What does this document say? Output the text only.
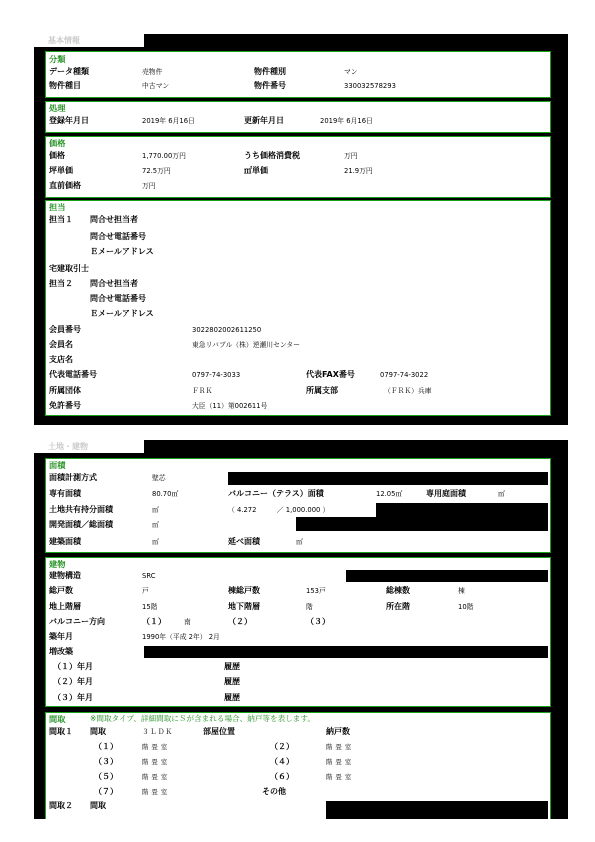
基本情報
分類
データ種類	売物件	物件種別	マン
物件種目	中古マン	物件番号	330032578293
処理
登録年月日	2019年 6月16日	更新年月日	2019年 6月16日
価格
価格	1,770.00万円	うち価格消費税	万円
坪単価	72.5万円	㎡単価	21.9万円
直前価格	万円
担当
担当１ 問合せ担当者
問合せ電話番号
Ｅメールアドレス
宅建取引士
担当２ 問合せ担当者
問合せ電話番号
Ｅメールアドレス
会員番号	3022802002611250
会員名	東急リバブル（株）逆瀬川センター
支店名
代表電話番号	0797-74-3033	代表FAX番号	0797-74-3022
所属団体	ＦＲＫ	所属支部	（ＦＲＫ）兵庫
免許番号	大臣（11）第002611号
土地・建物
面積
面積計測方式	壁芯
専有面積	80.70㎡	バルコニー（テラス）面積	12.05㎡	専用庭面積	㎡
土地共有持分面積	㎡	（ 4.272　　　／ 1,000.000 ）
開発面積／総面積	㎡
建築面積	㎡	延べ面積	㎡
建物
建物構造	SRC
総戸数	戸	棟総戸数	153戸	総棟数	棟
地上階層	15階	地下階層	階	所在階	10階
バルコニー方向	（１）	南	（２）	（３）
築年月	1990年（平成 2年） 2月
増改築
（１）年月	履歴
（２）年月	履歴
（３）年月	履歴
間取	※間取タイプ、詳細間取にＳが含まれる場合、納戸等を表します。
間取１ 間取	３ＬＤＫ	部屋位置	納戸数
（１）	階 畳 室	（２）	階 畳 室
（３）	階 畳 室	（４）	階 畳 室
（５）	階 畳 室	（６）	階 畳 室
（７）	階 畳 室	その他
間取２ 間取
